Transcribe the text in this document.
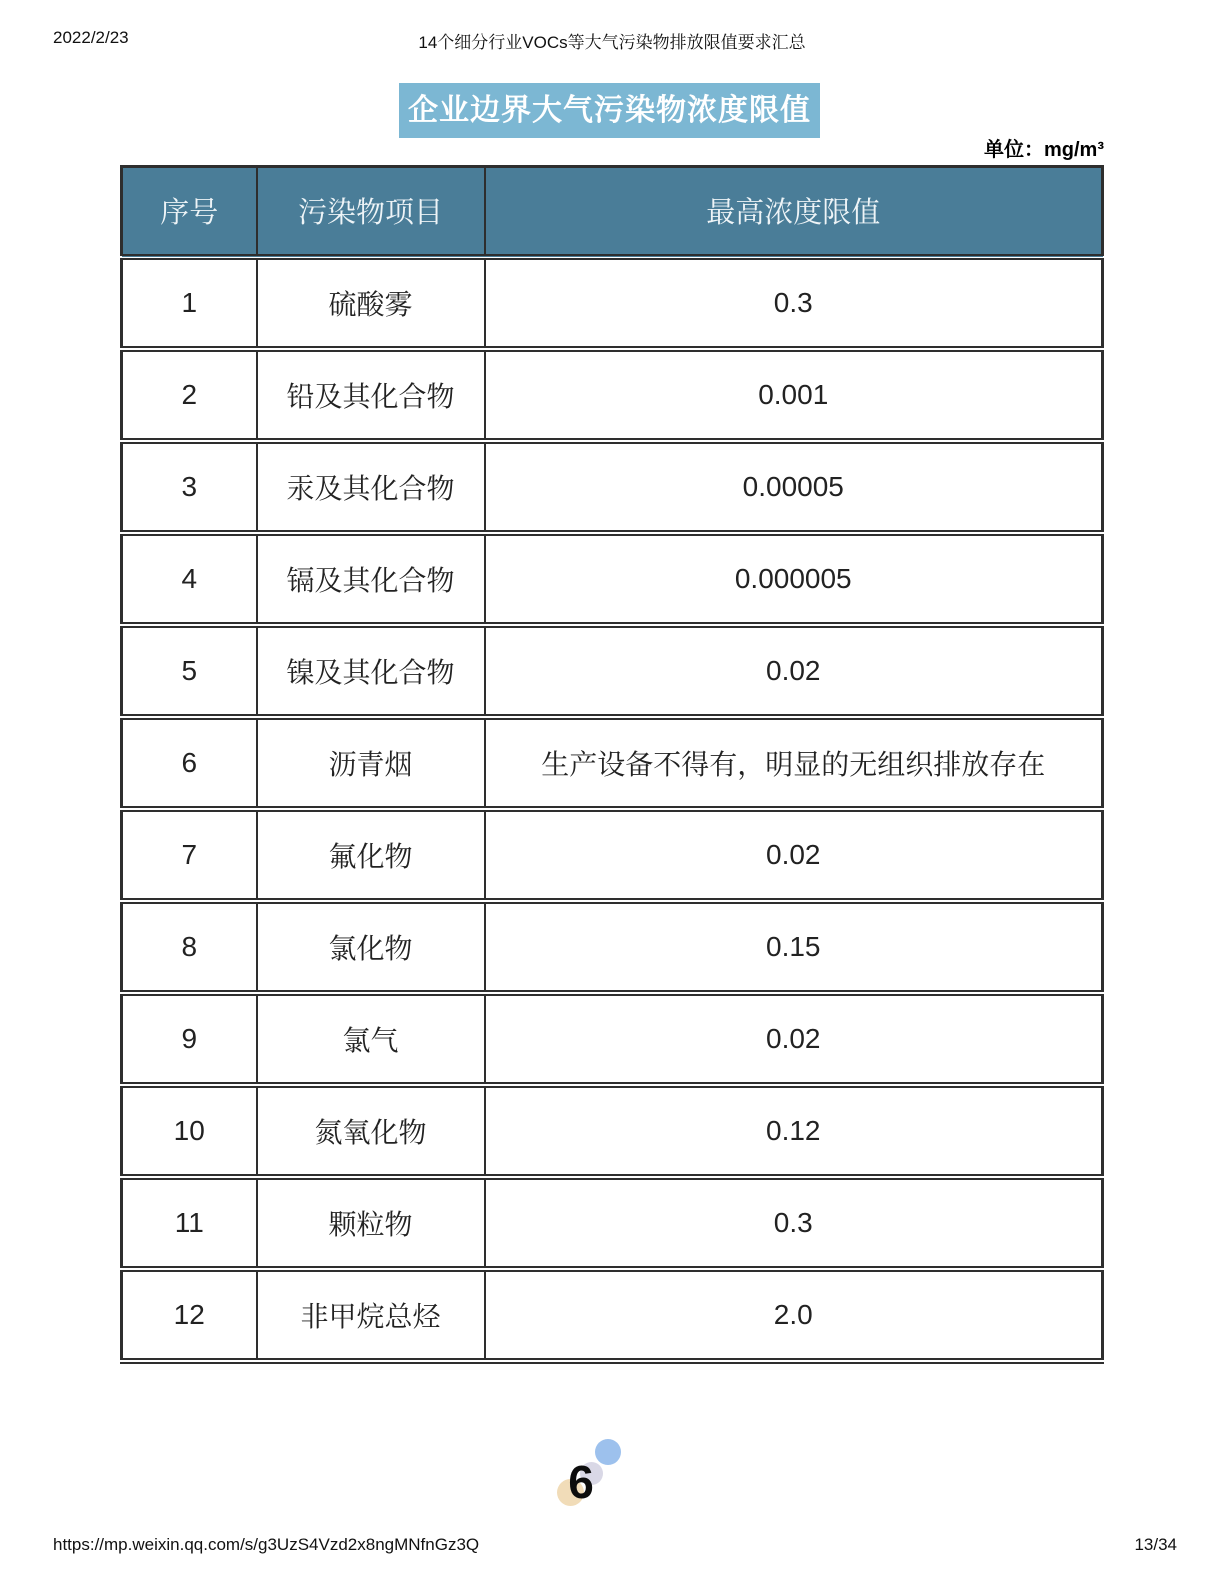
2022/2/23	14个细分行业VOCs等大气污染物排放限值要求汇总
企业边界大气污染物浓度限值
单位：mg/m³
序号	污染物项目	最高浓度限值
1	硫酸雾	0.3
2	铅及其化合物	0.001
3	汞及其化合物	0.00005
4	镉及其化合物	0.000005
5	镍及其化合物	0.02
6	沥青烟	生产设备不得有，明显的无组织排放存在
7	氟化物	0.02
8	氯化物	0.15
9	氯气	0.02
10	氮氧化物	0.12
11	颗粒物	0.3
12	非甲烷总烃	2.0
6
https://mp.weixin.qq.com/s/g3UzS4Vzd2x8ngMNfnGz3Q	13/34
